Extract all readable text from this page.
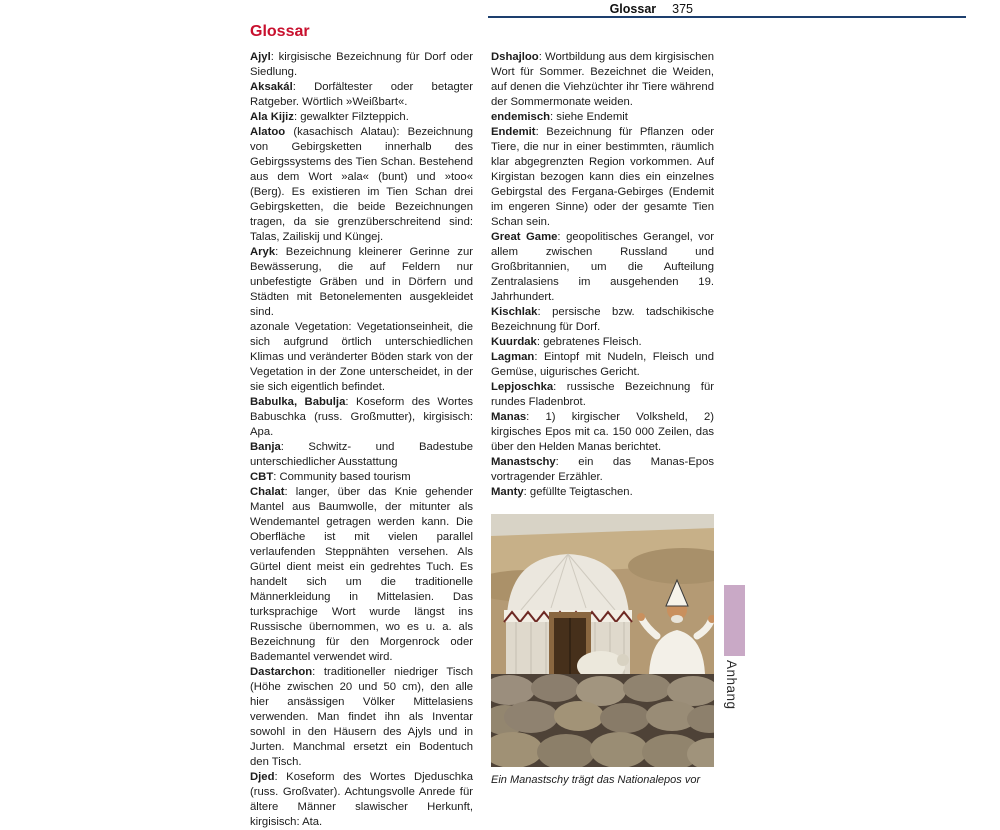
Glossar 375
Glossar

Ajyl: kirgisische Bezeichnung für Dorf oder Siedlung.

Aksakál: Dorfältester oder betagter Ratgeber. Wörtlich »Weißbart«.

Ala Kijiz: gewalkter Filzteppich.

Alatoo (kasachisch Alatau): Bezeichnung von Gebirgsketten innerhalb des Gebirgssystems des Tien Schan. Bestehend aus dem Wort »ala« (bunt) und »too« (Berg). Es existieren im Tien Schan drei Gebirgsketten, die beide Bezeichnungen tragen, da sie grenzüberschreitend sind: Talas, Zailiskij und Küngej.

Aryk: Bezeichnung kleinerer Gerinne zur Bewässerung, die auf Feldern nur unbefestigte Gräben und in Dörfern und Städten mit Betonelementen ausgekleidet sind.

azonale Vegetation: Vegetationseinheit, die sich aufgrund örtlich unterschiedlichen Klimas und veränderter Böden stark von der Vegetation in der Zone unterscheidet, in der sie sich eigentlich befindet.

Babulka, Babulja: Koseform des Wortes Babuschka (russ. Großmutter), kirgisisch: Apa.

Banja: Schwitz- und Badestube unterschiedlicher Ausstattung

CBT: Community based tourism

Chalat: langer, über das Knie gehender Mantel aus Baumwolle, der mitunter als Wendemantel getragen werden kann. Die Oberfläche ist mit vielen parallel verlaufenden Steppnähten versehen. Als Gürtel dient meist ein gedrehtes Tuch. Es handelt sich um die traditionelle Männerkleidung in Mittelasien. Das turksprachige Wort wurde längst ins Russische übernommen, wo es u. a. als Bezeichnung für den Morgenrock oder Bademantel verwendet wird.

Dastarchon: traditioneller niedriger Tisch (Höhe zwischen 20 und 50 cm), den alle hier ansässigen Völker Mittelasiens verwenden. Man findet ihn als Inventar sowohl in den Häusern des Ajyls und in Jurten. Manchmal ersetzt ein Bodentuch den Tisch.

Djed: Koseform des Wortes Djeduschka (russ. Großvater). Achtungsvolle Anrede für ältere Männer slawischer Herkunft, kirgisisch: Ata.

Dshajloo: Wortbildung aus dem kirgisischen Wort für Sommer. Bezeichnet die Weiden, auf denen die Viehzüchter ihr Tiere während der Sommermonate weiden.

endemisch: siehe Endemit

Endemit: Bezeichnung für Pflanzen oder Tiere, die nur in einer bestimmten, räumlich klar abgegrenzten Region vorkommen. Auf Kirgistan bezogen kann dies ein einzelnes Gebirgstal des Fergana-Gebirges (Endemit im engeren Sinne) oder der gesamte Tien Schan sein.

Great Game: geopolitisches Gerangel, vor allem zwischen Russland und Großbritannien, um die Aufteilung Zentralasiens im ausgehenden 19. Jahrhundert.

Kischlak: persische bzw. tadschikische Bezeichnung für Dorf.

Kuurdak: gebratenes Fleisch.

Lagman: Eintopf mit Nudeln, Fleisch und Gemüse, uigurisches Gericht.

Lepjoschka: russische Bezeichnung für rundes Fladenbrot.

Manas: 1) kirgischer Volksheld, 2) kirgisches Epos mit ca. 150 000 Zeilen, das über den Helden Manas berichtet.

Manastschy: ein das Manas-Epos vortragender Erzähler.

Manty: gefüllte Teigtaschen.

Ein Manastschy trägt das Nationalepos vor
Anhang
